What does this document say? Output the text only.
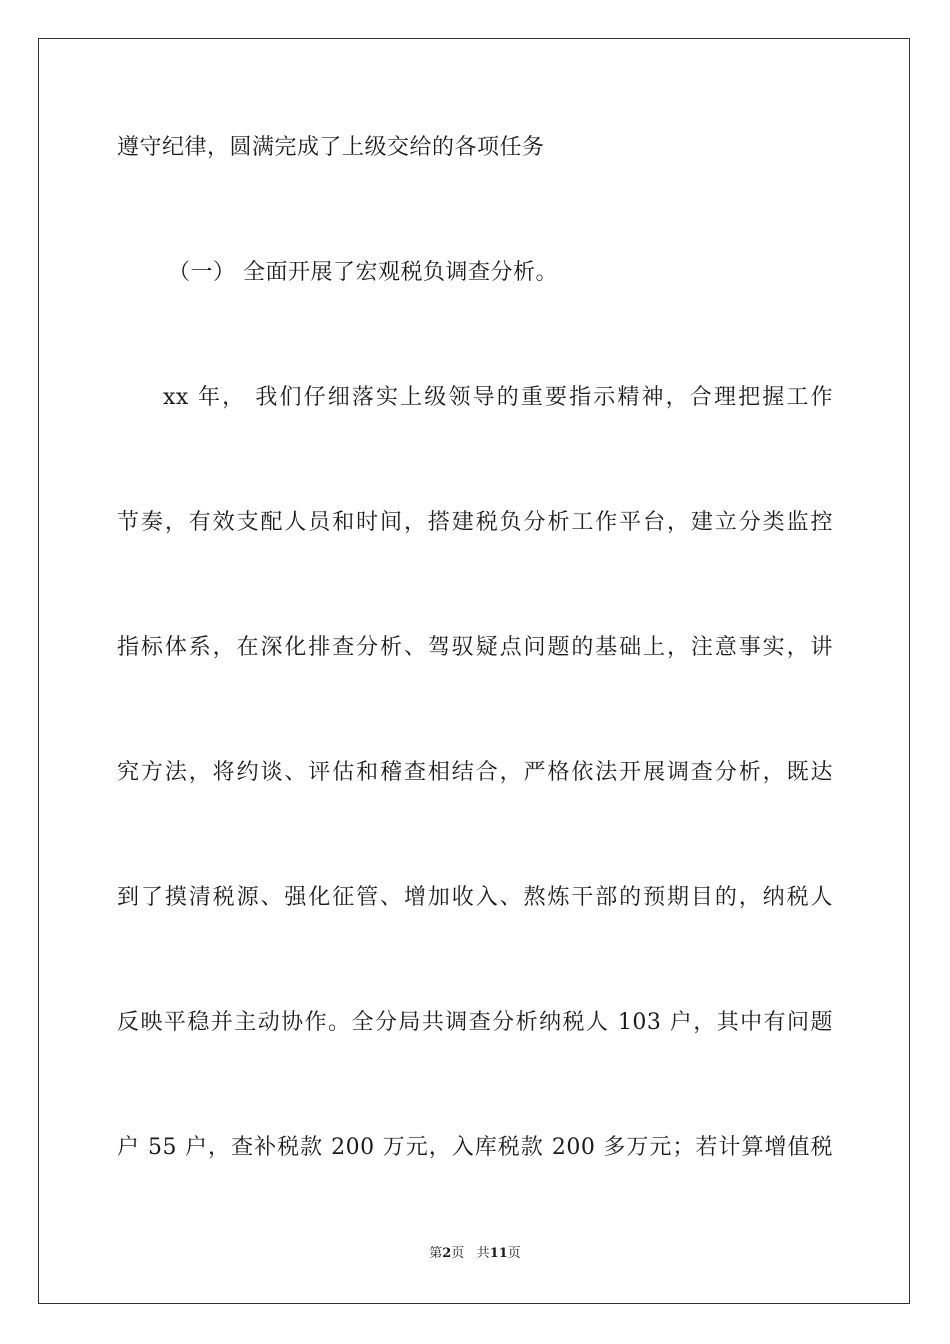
遵守纪律，圆满完成了上级交给的各项任务
（一） 全面开展了宏观税负调查分析。
xx 年， 我们仔细落实上级领导的重要指示精神，合理把握工作
节奏，有效支配人员和时间，搭建税负分析工作平台，建立分类监控
指标体系，在深化排查分析、驾驭疑点问题的基础上，注意事实，讲
究方法，将约谈、评估和稽查相结合，严格依法开展调查分析，既达
到了摸清税源、强化征管、增加收入、熬炼干部的预期目的，纳税人
反映平稳并主动协作。全分局共调查分析纳税人 103 户，其中有问题
户 55 户，查补税款 200 万元，入库税款 200 多万元；若计算增值税
第2页 共11页
